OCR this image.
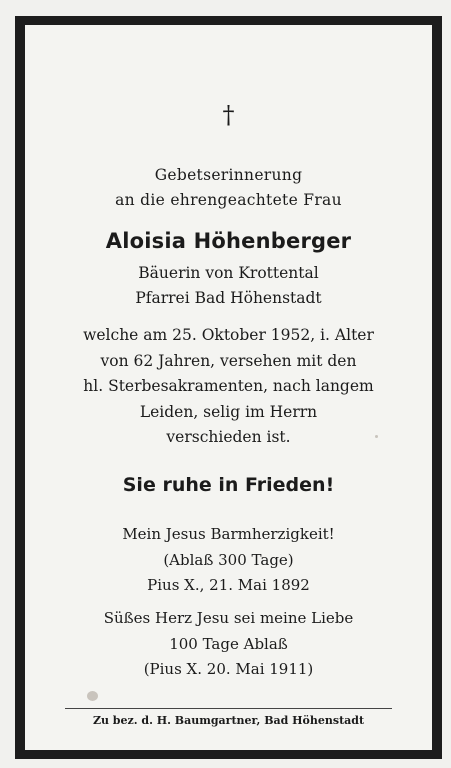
†
Gebetserinnerung
an die ehrengeachtete Frau
Aloisia Höhenberger
Bäuerin von Krottental
Pfarrei Bad Höhenstadt
welche am 25. Oktober 1952, i. Alter
von 62 Jahren, versehen mit den
hl. Sterbesakramenten, nach langem
Leiden, selig im Herrn
verschieden ist.
Sie ruhe in Frieden!
Mein Jesus Barmherzigkeit!
(Ablaß 300 Tage)
Pius X., 21. Mai 1892
Süßes Herz Jesu sei meine Liebe
100 Tage Ablaß
(Pius X. 20. Mai 1911)
Zu bez. d. H. Baumgartner, Bad Höhenstadt
